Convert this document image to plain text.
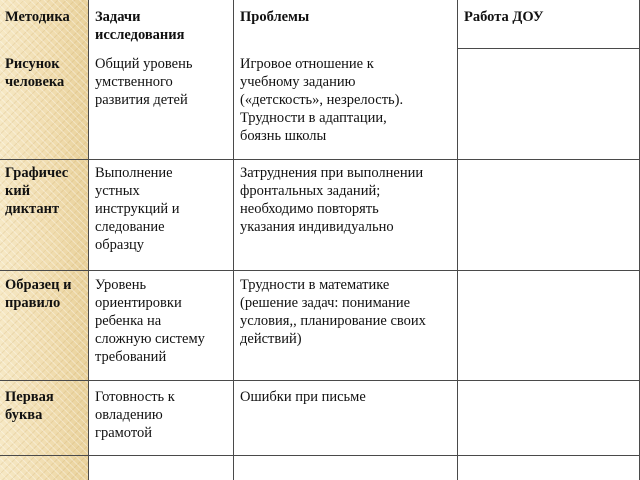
Методика Задачи
исследования
Проблемы	Работа ДОУ
Рисунок
человека
Общий уровень
умственного
развития детей
Игровое отношение к
учебному заданию
(«детскость», незрелость).
Трудности в адаптации,
боязнь школы
Графичес
кий
диктант
Выполнение
устных
инструкций и
следование
образцу
Затруднения при выполнении
фронтальных заданий;
необходимо повторять
указания индивидуально
Образец и
правило
Уровень
ориентировки
ребенка на
сложную систему
требований
Трудности в математике
(решение задач: понимание
условия,, планирование своих
действий)
Первая
буква
Готовность к
овладению
грамотой
Ошибки при письме
